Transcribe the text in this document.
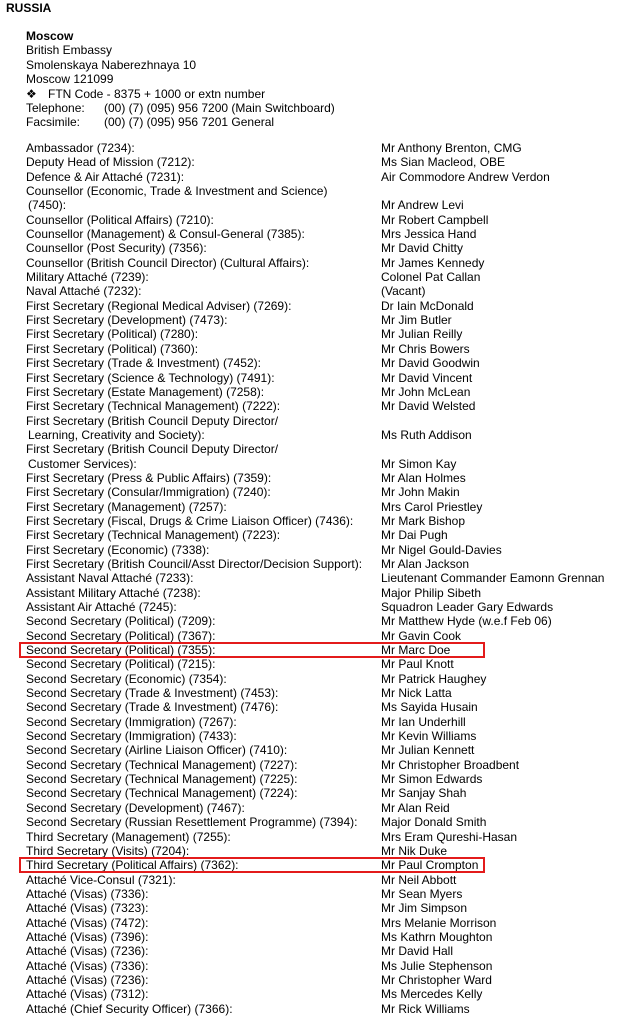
RUSSIA
Moscow
British Embassy
Smolenskaya Naberezhnaya 10
Moscow 121099
❖ FTN Code - 8375 + 1000 or extn number
Telephone: (00) (7) (095) 956 7200 (Main Switchboard)
Facsimile: (00) (7) (095) 956 7201 General
Ambassador (7234):	Mr Anthony Brenton, CMG
Deputy Head of Mission (7212):	Ms Sian Macleod, OBE
Defence & Air Attaché (7231):	Air Commodore Andrew Verdon
Counsellor (Economic, Trade & Investment and Science)
(7450):	Mr Andrew Levi
Counsellor (Political Affairs) (7210):	Mr Robert Campbell
Counsellor (Management) & Consul-General (7385):	Mrs Jessica Hand
Counsellor (Post Security) (7356):	Mr David Chitty
Counsellor (British Council Director) (Cultural Affairs):	Mr James Kennedy
Military Attaché (7239):	Colonel Pat Callan
Naval Attaché (7232):	(Vacant)
First Secretary (Regional Medical Adviser) (7269):	Dr Iain McDonald
First Secretary (Development) (7473):	Mr Jim Butler
First Secretary (Political) (7280):	Mr Julian Reilly
First Secretary (Political) (7360):	Mr Chris Bowers
First Secretary (Trade & Investment) (7452):	Mr David Goodwin
First Secretary (Science & Technology) (7491):	Mr David Vincent
First Secretary (Estate Management) (7258):	Mr John McLean
First Secretary (Technical Management) (7222):	Mr David Welsted
First Secretary (British Council Deputy Director/
Learning, Creativity and Society):	Ms Ruth Addison
First Secretary (British Council Deputy Director/
Customer Services):	Mr Simon Kay
First Secretary (Press & Public Affairs) (7359):	Mr Alan Holmes
First Secretary (Consular/Immigration) (7240):	Mr John Makin
First Secretary (Management) (7257):	Mrs Carol Priestley
First Secretary (Fiscal, Drugs & Crime Liaison Officer) (7436): Mr Mark Bishop
First Secretary (Technical Management) (7223):	Mr Dai Pugh
First Secretary (Economic) (7338):	Mr Nigel Gould-Davies
First Secretary (British Council/Asst Director/Decision Support): Mr Alan Jackson
Assistant Naval Attaché (7233):	Lieutenant Commander Eamonn Grennan
Assistant Military Attaché (7238):	Major Philip Sibeth
Assistant Air Attaché (7245):	Squadron Leader Gary Edwards
Second Secretary (Political) (7209):	Mr Matthew Hyde (w.e.f Feb 06)
Second Secretary (Political) (7367):	Mr Gavin Cook
Second Secretary (Political) (7355):	Mr Marc Doe
Second Secretary (Political) (7215):	Mr Paul Knott
Second Secretary (Economic) (7354):	Mr Patrick Haughey
Second Secretary (Trade & Investment) (7453):	Mr Nick Latta
Second Secretary (Trade & Investment) (7476):	Ms Sayida Husain
Second Secretary (Immigration) (7267):	Mr Ian Underhill
Second Secretary (Immigration) (7433):	Mr Kevin Williams
Second Secretary (Airline Liaison Officer) (7410):	Mr Julian Kennett
Second Secretary (Technical Management) (7227):	Mr Christopher Broadbent
Second Secretary (Technical Management) (7225):	Mr Simon Edwards
Second Secretary (Technical Management) (7224):	Mr Sanjay Shah
Second Secretary (Development) (7467):	Mr Alan Reid
Second Secretary (Russian Resettlement Programme) (7394): Major Donald Smith
Third Secretary (Management) (7255):	Mrs Eram Qureshi-Hasan
Third Secretary (Visits) (7204):	Mr Nik Duke
Third Secretary (Political Affairs) (7362):	Mr Paul Crompton
Attaché Vice-Consul (7321):	Mr Neil Abbott
Attaché (Visas) (7336):	Mr Sean Myers
Attaché (Visas) (7323):	Mr Jim Simpson
Attaché (Visas) (7472):	Mrs Melanie Morrison
Attaché (Visas) (7396):	Ms Kathrn Moughton
Attaché (Visas) (7236):	Mr David Hall
Attaché (Visas) (7336):	Ms Julie Stephenson
Attaché (Visas) (7236):	Mr Christopher Ward
Attaché (Visas) (7312):	Ms Mercedes Kelly
Attaché (Chief Security Officer) (7366):	Mr Rick Williams
